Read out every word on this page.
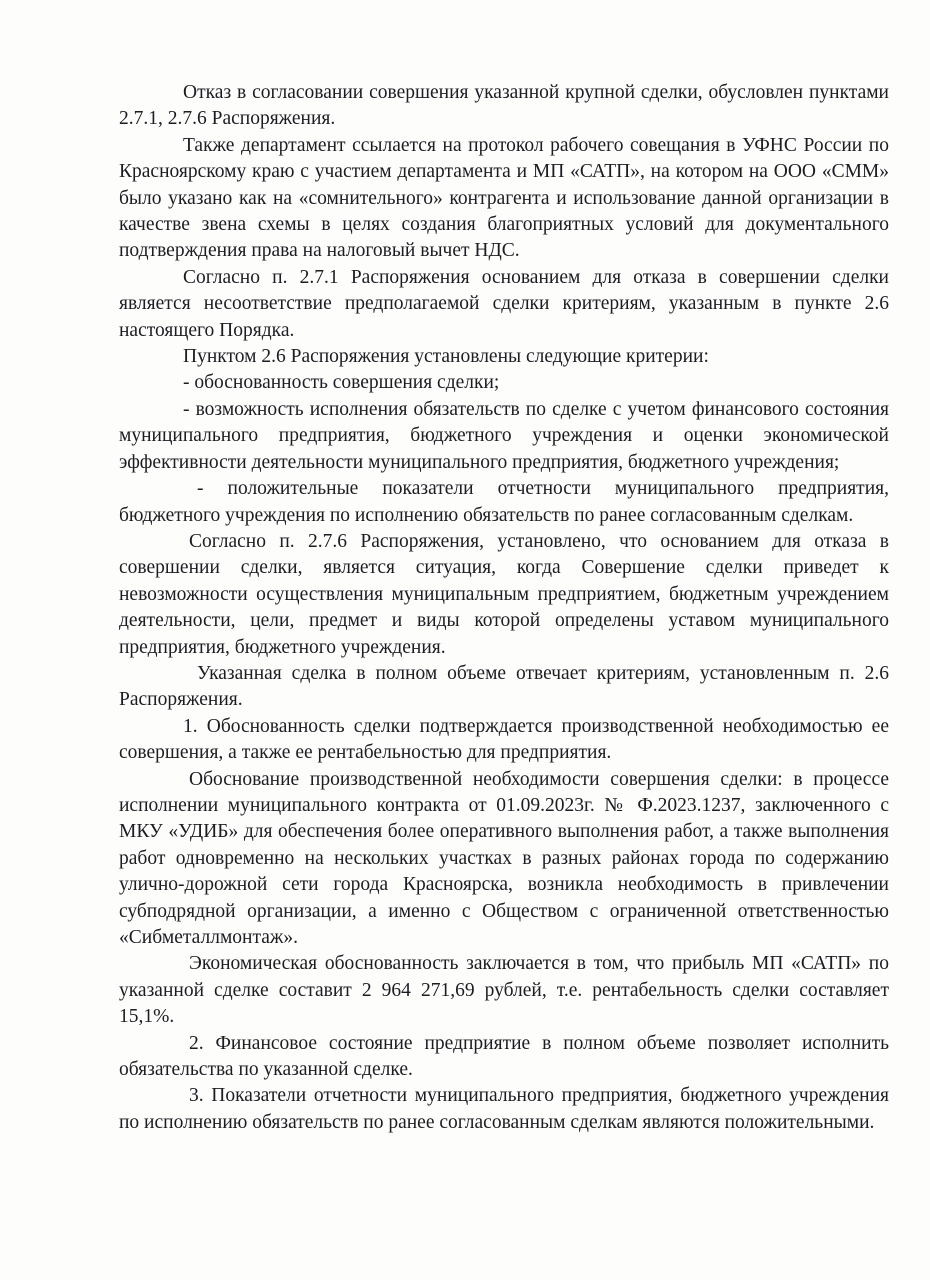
Отказ в согласовании совершения указанной крупной сделки, обусловлен пунктами 2.7.1, 2.7.6 Распоряжения.

Также департамент ссылается на протокол рабочего совещания в УФНС России по Красноярскому краю с участием департамента и МП «САТП», на котором на ООО «СММ» было указано как на «сомнительного» контрагента и использование данной организации в качестве звена схемы в целях создания благоприятных условий для документального подтверждения права на налоговый вычет НДС.

Согласно п. 2.7.1 Распоряжения основанием для отказа в совершении сделки является несоответствие предполагаемой сделки критериям, указанным в пункте 2.6 настоящего Порядка.

Пунктом 2.6 Распоряжения установлены следующие критерии:

- обоснованность совершения сделки;

- возможность исполнения обязательств по сделке с учетом финансового состояния муниципального предприятия, бюджетного учреждения и оценки экономической эффективности деятельности муниципального предприятия, бюджетного учреждения;

- положительные показатели отчетности муниципального предприятия, бюджетного учреждения по исполнению обязательств по ранее согласованным сделкам.

Согласно п. 2.7.6 Распоряжения, установлено, что основанием для отказа в совершении сделки, является ситуация, когда Совершение сделки приведет к невозможности осуществления муниципальным предприятием, бюджетным учреждением деятельности, цели, предмет и виды которой определены уставом муниципального предприятия, бюджетного учреждения.

Указанная сделка в полном объеме отвечает критериям, установленным п. 2.6 Распоряжения.

1. Обоснованность сделки подтверждается производственной необходимостью ее совершения, а также ее рентабельностью для предприятия.

Обоснование производственной необходимости совершения сделки: в процессе исполнении муниципального контракта от 01.09.2023г. № Ф.2023.1237, заключенного с МКУ «УДИБ» для обеспечения более оперативного выполнения работ, а также выполнения работ одновременно на нескольких участках в разных районах города по содержанию улично-дорожной сети города Красноярска, возникла необходимость в привлечении субподрядной организации, а именно с Обществом с ограниченной ответственностью «Сибметаллмонтаж».

Экономическая обоснованность заключается в том, что прибыль МП «САТП» по указанной сделке составит 2 964 271,69 рублей, т.е. рентабельность сделки составляет 15,1%.

2. Финансовое состояние предприятие в полном объеме позволяет исполнить обязательства по указанной сделке.

3. Показатели отчетности муниципального предприятия, бюджетного учреждения по исполнению обязательств по ранее согласованным сделкам являются положительными.
